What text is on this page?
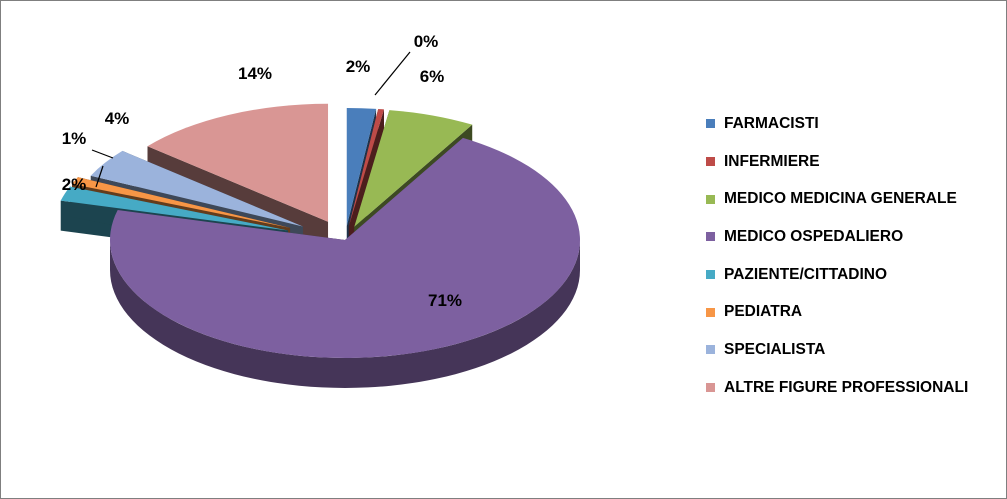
2%
0%
6%
71%
2%
1%
4%
14%
FARMACISTI
INFERMIERE
MEDICO MEDICINA GENERALE
MEDICO OSPEDALIERO
PAZIENTE/CITTADINO
PEDIATRA
SPECIALISTA
ALTRE FIGURE PROFESSIONALI
